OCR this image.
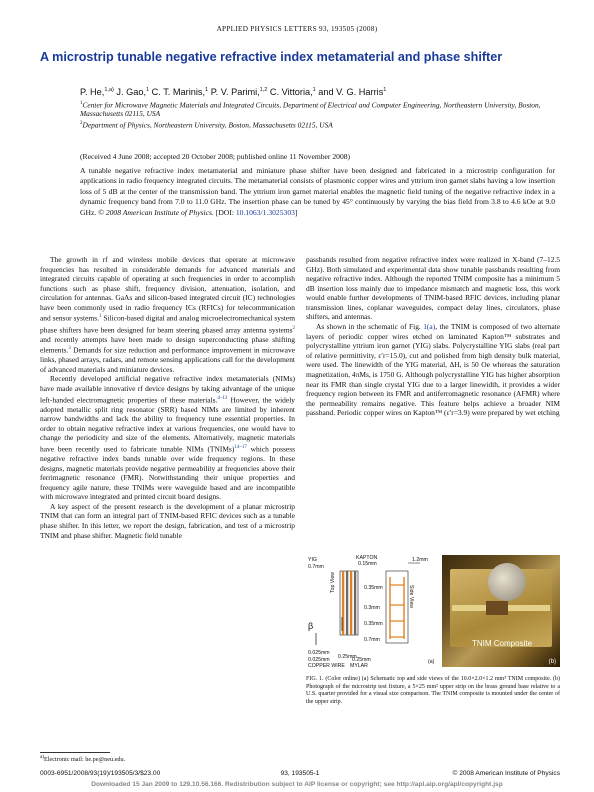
APPLIED PHYSICS LETTERS 93, 193505 (2008)
A microstrip tunable negative refractive index metamaterial and phase shifter
P. He,$^{1,a)}$ J. Gao,$^1$ C. T. Marinis,$^1$ P. V. Parimi,$^{1,2}$ C. Vittoria,$^1$ and V. G. Harris$^1$
$^1$Center for Microwave Magnetic Materials and Integrated Circuits, Department of Electrical and Computer Engineering, Northeastern University, Boston, Massachusetts 02115, USA
$^2$Department of Physics, Northeastern University, Boston, Massachusetts 02115, USA
(Received 4 June 2008; accepted 20 October 2008; published online 11 November 2008)
A tunable negative refractive index metamaterial and miniature phase shifter have been designed and fabricated in a microstrip configuration for applications in radio frequency integrated circuits. The metamaterial consists of plasmonic copper wires and yttrium iron garnet slabs having a low insertion loss of 5 dB at the center of the transmission band. The yttrium iron garnet material enables the magnetic field tuning of the negative refractive index in a dynamic frequency band from 7.0 to 11.0 GHz. The insertion phase can be tuned by 45° continuously by varying the bias field from 3.8 to 4.6 kOe at 9.0 GHz. © 2008 American Institute of Physics. [DOI: 10.1063/1.3025303]

The growth in rf and wireless mobile devices that operate at microwave frequencies has resulted in considerable demands for advanced materials and integrated circuits capable of operating at such frequencies in order to accomplish functions such as phase shift, frequency division, attenuation, isolation, and circulation for antennas. GaAs and silicon-based integrated circuit (IC) technologies have been commonly used in radio frequency ICs (RFICs) for telecommunication and sensor systems.$^1$ Silicon-based digital and analog microelectromechanical system phase shifters have been designed for beam steering phased array antenna systems$^2$ and recently attempts have been made to design superconducting phase shifting elements.$^3$ Demands for size reduction and performance improvement in microwave links, phased arrays, radars, and remote sensing applications call for the development of advanced materials and miniature devices.

Recently developed artificial negative refractive index metamaterials (NIMs) have made available innovative rf device designs by taking advantage of the unique left-handed electromagnetic properties of these materials.$^{4-13}$ However, the widely adopted metallic split ring resonator (SRR) based NIMs are limited by inherent narrow bandwidths and lack the ability to frequency tune essential properties. In order to obtain negative refractive index at various frequencies, one would have to change the periodicity and size of the elements. Alternatively, magnetic materials have been recently used to fabricate tunable NIMs (TNIMs)$^{14-17}$ which possess negative refractive index bands tunable over wide frequency regions. In these designs, magnetic materials provide negative permeability at frequencies above their ferrimagnetic resonance (FMR). Notwithstanding their unique properties and frequency agile nature, these TNIMs were waveguide based and are incompatible with microwave integrated and printed circuit board designs.

A key aspect of the present research is the development of a planar microstrip TNIM that can form an integral part of TNIM-based RFIC devices such as a tunable phase shifter. In this letter, we report the design, fabrication, and test of a microstrip TNIM and phase shifter. Magnetic field tunable

passbands resulted from negative refractive index were realized in X-band (7–12.5 GHz). Both simulated and experimental data show tunable passbands resulting from negative refractive index. Although the reported TNIM composite has a minimum 5 dB insertion loss mainly due to impedance mismatch and magnetic loss, this work would enable further developments of TNIM-based RFIC devices, including planar transmission lines, coplanar waveguides, compact delay lines, circulators, phase shifters, and antennas.

As shown in the schematic of Fig. 1(a), the TNIM is composed of two alternate layers of periodic copper wires etched on laminated Kapton™ substrates and polycrystalline yttrium iron garnet (YIG) slabs. Polycrystalline YIG slabs (real part of relative permittivity, ε′r=15.0), cut and polished from high density bulk material, were used. The linewidth of the YIG material, ΔH, is 50 Oe whereas the saturation magnetization, 4πMs, is 1750 G. Although polycrystalline YIG has higher absorption near its FMR than single crystal YIG due to a larger linewidth, it provides a wider frequency region between its FMR and antiferromagnetic resonance (AFMR) where the permeability remains negative. This feature helps achieve a broader NIM passband. Periodic copper wires on Kapton™ (ε′r=3.9) were prepared by wet etching

YIG
0.7mm
KAPTON
0.15mm
1.2mm
0.35mm
0.3mm
0.35mm
0.7mm
Top View
Side View
β
0.025mm
0.25mm
0.025mm	0.25mm
COPPER WIRE MYLAR
(a)
TNIM Composite
(b)
FIG. 1. (Color online) (a) Schematic top and side views of the 10.0×2.0×1.2 mm³ TNIM composite. (b) Photograph of the microstrip test fixture, a 5×25 mm² upper strip on the brass ground base relative to a U.S. quarter provided for a visual size comparison. The TNIM composite is mounted under the center of the upper strip.
$^{a)}$Electronic mail: he.pe@neu.edu.
0003-6951/2008/93(19)/193505/3/$23.00	93, 193505-1	© 2008 American Institute of Physics
Downloaded 15 Jan 2009 to 129.10.56.166. Redistribution subject to AIP license or copyright; see http://apl.aip.org/apl/copyright.jsp
